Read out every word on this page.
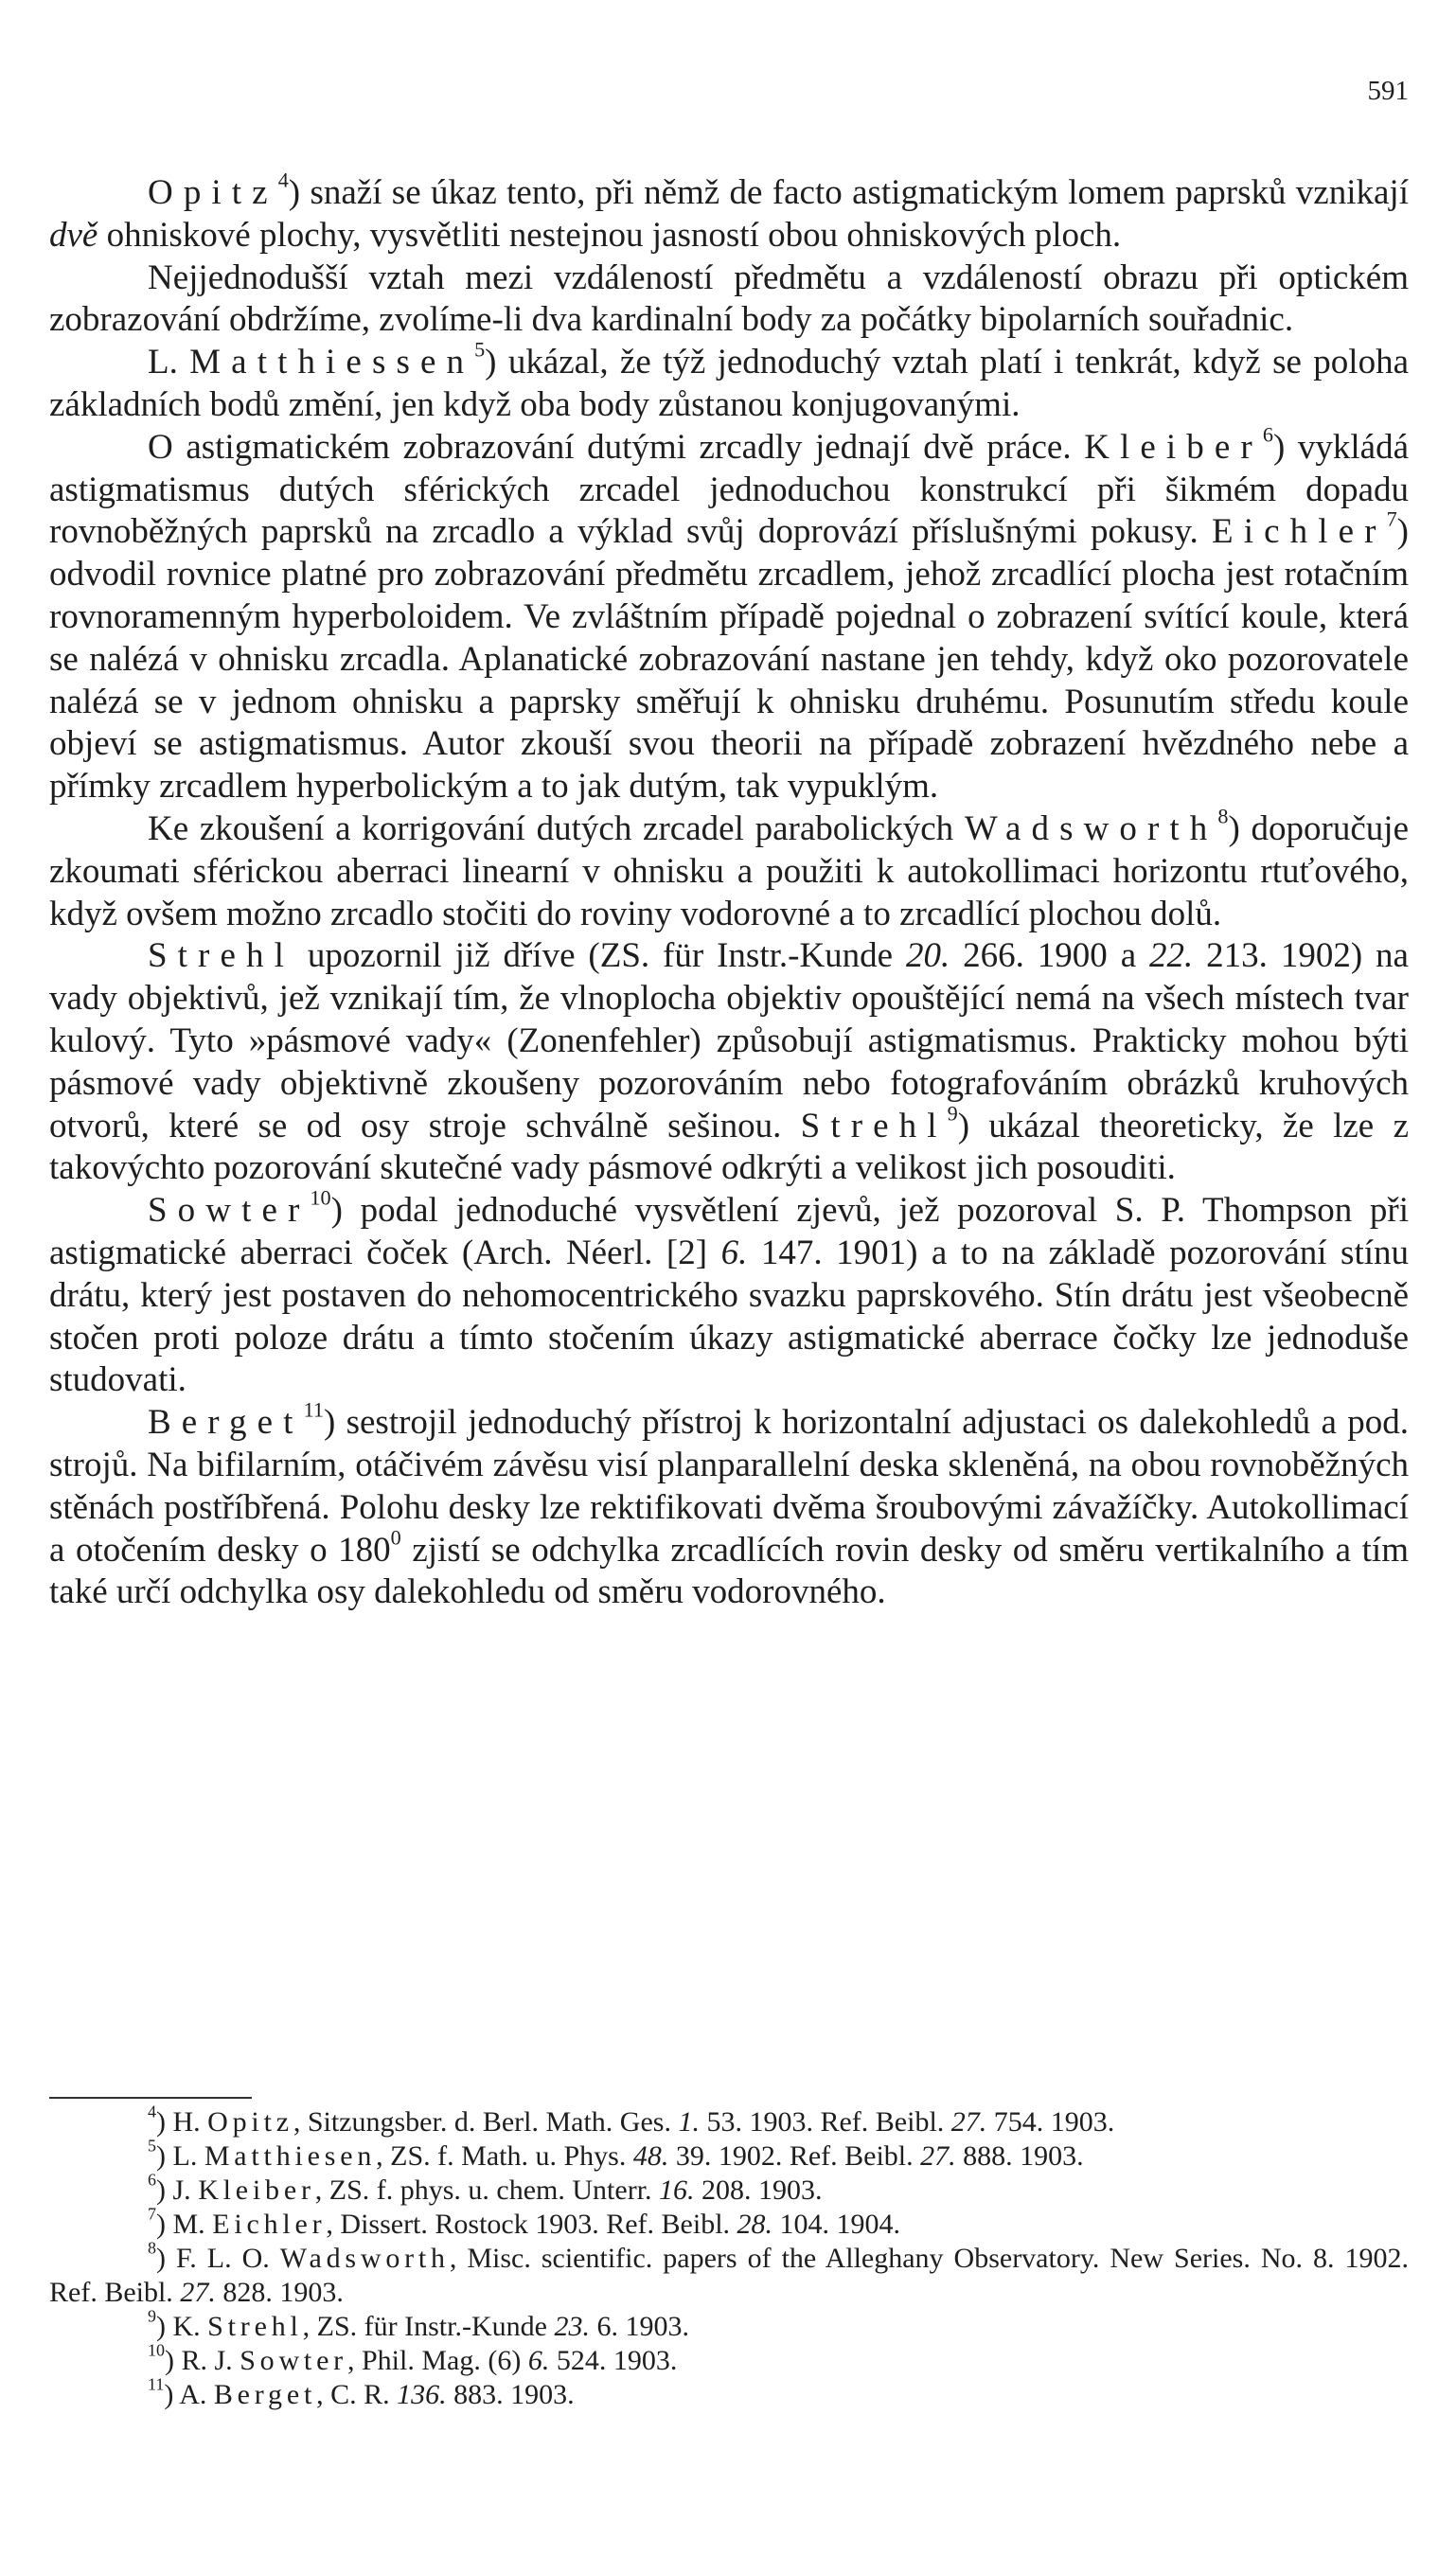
591

Opitz$^4$) snaží se úkaz tento, při němž de facto astigmatickým lomem paprsků vznikají dvě ohniskové plochy, vysvětliti nestejnou jasností obou ohniskových ploch.

Nejjednodušší vztah mezi vzdáleností předmětu a vzdáleností obrazu při optickém zobrazování obdržíme, zvolíme-li dva kardinalní body za počátky bipolarních souřadnic.

L. Matthiessen$^5$) ukázal, že týž jednoduchý vztah platí i tenkrát, když se poloha základních bodů změní, jen když oba body zůstanou konjugovanými.

O astigmatickém zobrazování dutými zrcadly jednají dvě práce. Kleiber$^6$) vykládá astigmatismus dutých sférických zrcadel jednoduchou konstrukcí při šikmém dopadu rovnoběžných paprsků na zrcadlo a výklad svůj doprovází příslušnými pokusy. Eichler$^7$) odvodil rovnice platné pro zobrazování předmětu zrcadlem, jehož zrcadlící plocha jest rotačním rovnoramenným hyperboloidem. Ve zvláštním případě pojednal o zobrazení svítící koule, která se nalézá v ohnisku zrcadla. Aplanatické zobrazování nastane jen tehdy, když oko pozorovatele nalézá se v jednom ohnisku a paprsky směřují k ohnisku druhému. Posunutím středu koule objeví se astigmatismus. Autor zkouší svou theorii na případě zobrazení hvězdného nebe a přímky zrcadlem hyperbolickým a to jak dutým, tak vypuklým.

Ke zkoušení a korrigování dutých zrcadel parabolických Wadsworth$^8$) doporučuje zkoumati sférickou aberraci linearní v ohnisku a použiti k autokollimaci horizontu rtuťového, když ovšem možno zrcadlo stočiti do roviny vodorovné a to zrcadlící plochou dolů.

Strehl upozornil již dříve (ZS. für Instr.-Kunde 20. 266. 1900 a 22. 213. 1902) na vady objektivů, jež vznikají tím, že vlnoplocha objektiv opouštějící nemá na všech místech tvar kulový. Tyto »pásmové vady« (Zonenfehler) způsobují astigmatismus. Prakticky mohou býti pásmové vady objektivně zkoušeny pozorováním nebo fotografováním obrázků kruhových otvorů, které se od osy stroje schválně sešinou. Strehl$^9$) ukázal theoreticky, že lze z takovýchto pozorování skutečné vady pásmové odkrýti a velikost jich posouditi.

Sowter$^{10}$) podal jednoduché vysvětlení zjevů, jež pozoroval S. P. Thompson při astigmatické aberraci čoček (Arch. Néerl. [2] 6. 147. 1901) a to na základě pozorování stínu drátu, který jest postaven do nehomocentrického svazku paprskového. Stín drátu jest všeobecně stočen proti poloze drátu a tímto stočením úkazy astigmatické aberrace čočky lze jednoduše studovati.

Berget$^{11}$) sestrojil jednoduchý přístroj k horizontalní adjustaci os dalekohledů a pod. strojů. Na bifilarním, otáčivém závěsu visí planparallelní deska skleněná, na obou rovnoběžných stěnách postříbřená. Polohu desky lze rektifikovati dvěma šroubovými závažíčky. Autokollimací a otočením desky o $180^0$ zjistí se odchylka zrcadlících rovin desky od směru vertikalního a tím také určí odchylka osy dalekohledu od směru vodorovného.

$^4$) H. Opitz, Sitzungsber. d. Berl. Math. Ges. 1. 53. 1903. Ref. Beibl. 27. 754. 1903.

$^5$) L. Matthiesen, ZS. f. Math. u. Phys. 48. 39. 1902. Ref. Beibl. 27. 888. 1903.

$^6$) J. Kleiber, ZS. f. phys. u. chem. Unterr. 16. 208. 1903.

$^7$) M. Eichler, Dissert. Rostock 1903. Ref. Beibl. 28. 104. 1904.

$^8$) F. L. O. Wadsworth, Misc. scientific. papers of the Alleghany Observatory. New Series. No. 8. 1902. Ref. Beibl. 27. 828. 1903.

$^9$) K. Strehl, ZS. für Instr.-Kunde 23. 6. 1903.

$^{10}$) R. J. Sowter, Phil. Mag. (6) 6. 524. 1903.

$^{11}$) A. Berget, C. R. 136. 883. 1903.
